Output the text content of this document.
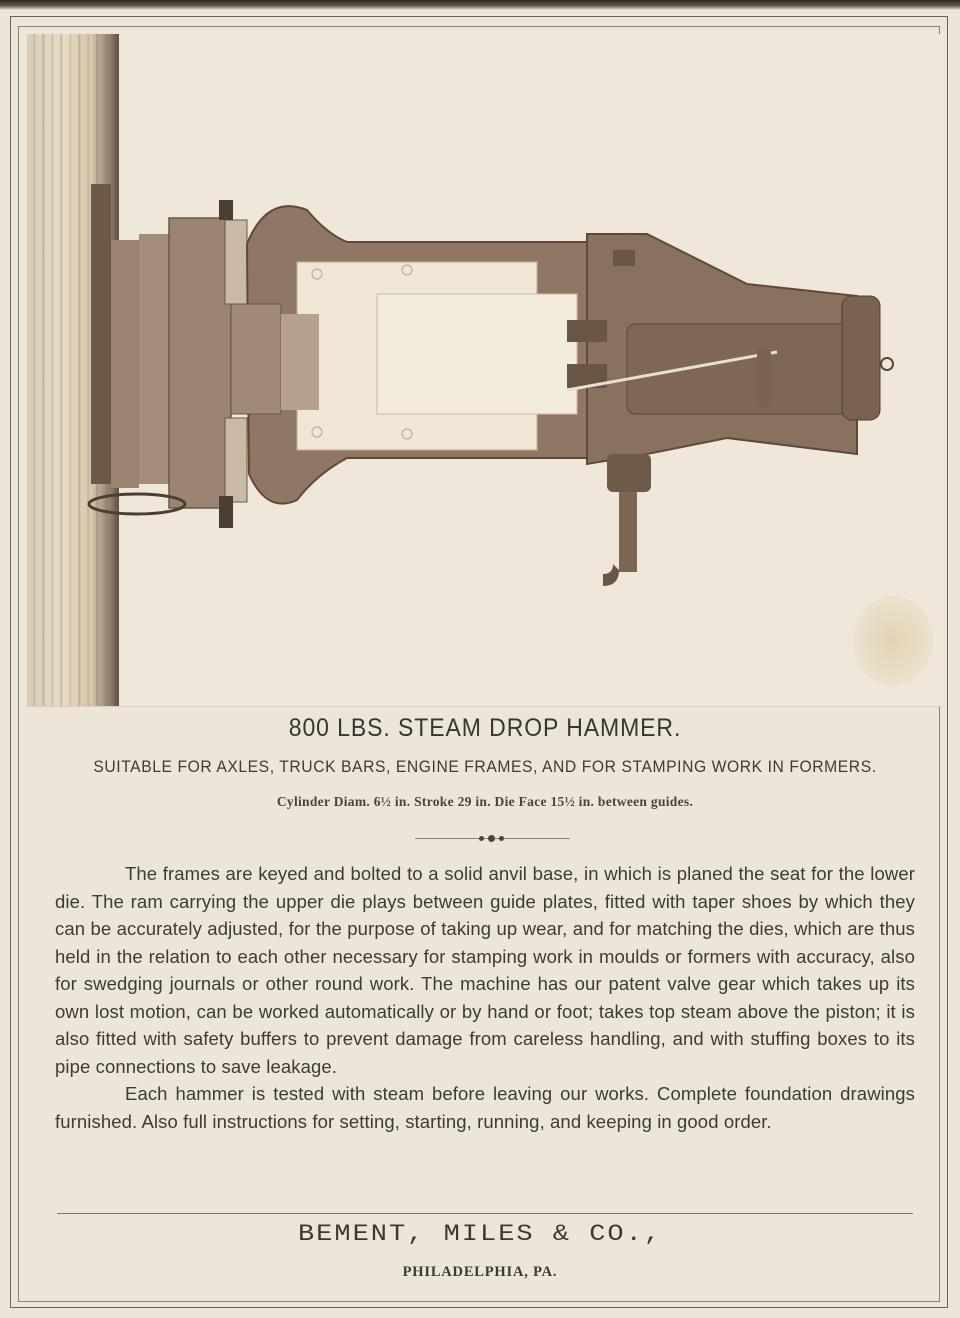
800 LBS. STEAM DROP HAMMER.
SUITABLE FOR AXLES, TRUCK BARS, ENGINE FRAMES, AND FOR STAMPING WORK IN FORMERS.
Cylinder Diam. 6½ in. Stroke 29 in. Die Face 15½ in. between guides.

The frames are keyed and bolted to a solid anvil base, in which is planed the seat for the lower die. The ram carrying the upper die plays between guide plates, fitted with taper shoes by which they can be accurately adjusted, for the purpose of taking up wear, and for matching the dies, which are thus held in the relation to each other necessary for stamping work in moulds or formers with accuracy, also for swedging journals or other round work. The machine has our patent valve gear which takes up its own lost motion, can be worked automatically or by hand or foot; takes top steam above the piston; it is also fitted with safety buffers to prevent damage from careless handling, and with stuffing boxes to its pipe connections to save leakage.

Each hammer is tested with steam before leaving our works. Complete foundation drawings furnished. Also full instructions for setting, starting, running, and keeping in good order.

BEMENT, MILES & CO.,
PHILADELPHIA, PA.
